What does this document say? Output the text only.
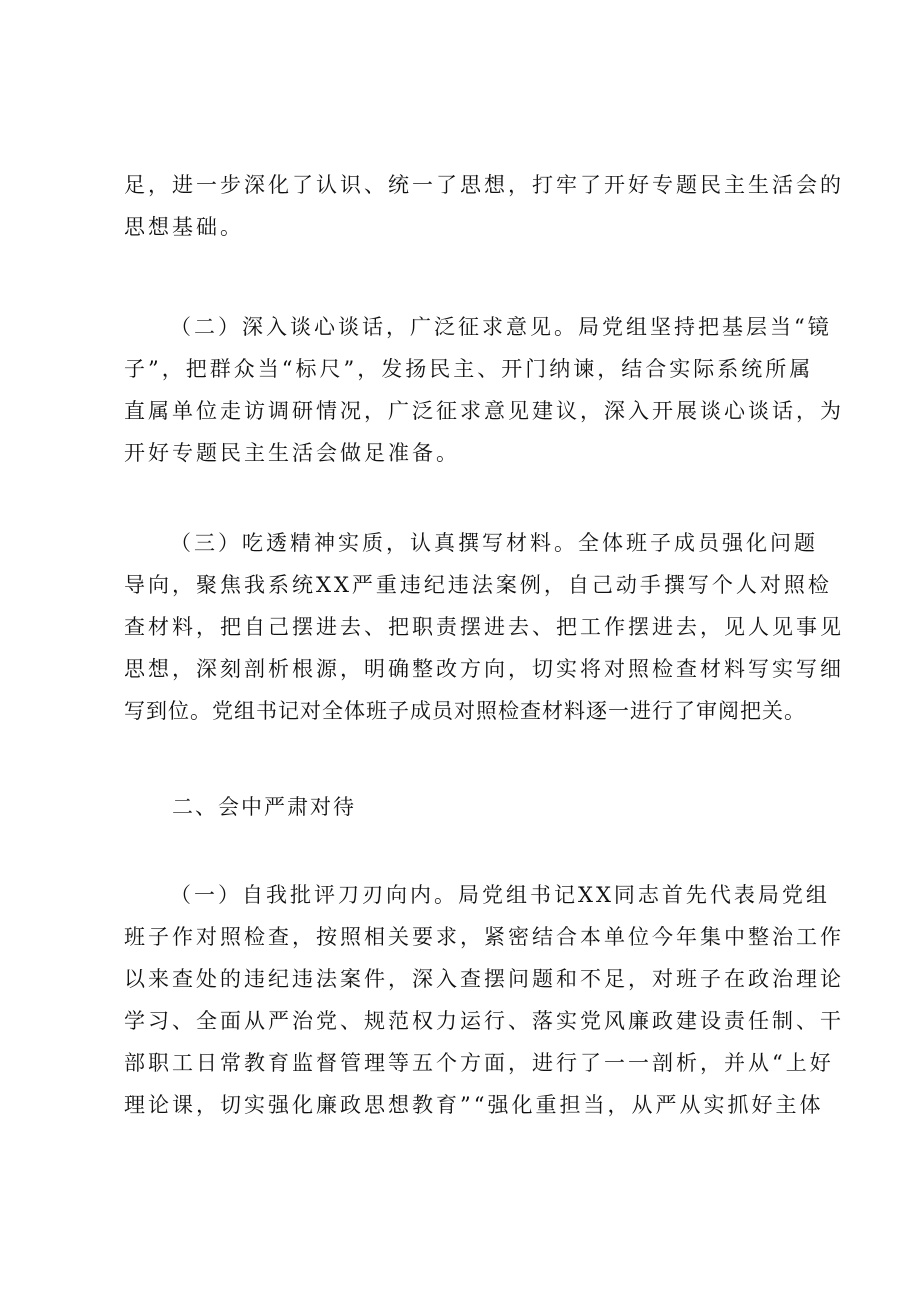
足，进一步深化了认识、统一了思想，打牢了开好专题民主生活会的
思想基础。
（二）深入谈心谈话，广泛征求意见。局党组坚持把基层当“镜
子”，把群众当“标尺”，发扬民主、开门纳谏，结合实际系统所属
直属单位走访调研情况，广泛征求意见建议，深入开展谈心谈话，为
开好专题民主生活会做足准备。
（三）吃透精神实质，认真撰写材料。全体班子成员强化问题
导向，聚焦我系统XX严重违纪违法案例，自己动手撰写个人对照检
查材料，把自己摆进去、把职责摆进去、把工作摆进去，见人见事见
思想，深刻剖析根源，明确整改方向，切实将对照检查材料写实写细
写到位。党组书记对全体班子成员对照检查材料逐一进行了审阅把关。
二、会中严肃对待
（一）自我批评刀刃向内。局党组书记XX同志首先代表局党组
班子作对照检查，按照相关要求，紧密结合本单位今年集中整治工作
以来查处的违纪违法案件，深入查摆问题和不足，对班子在政治理论
学习、全面从严治党、规范权力运行、落实党风廉政建设责任制、干
部职工日常教育监督管理等五个方面，进行了一一剖析，并从“上好
理论课，切实强化廉政思想教育”“强化重担当，从严从实抓好主体
